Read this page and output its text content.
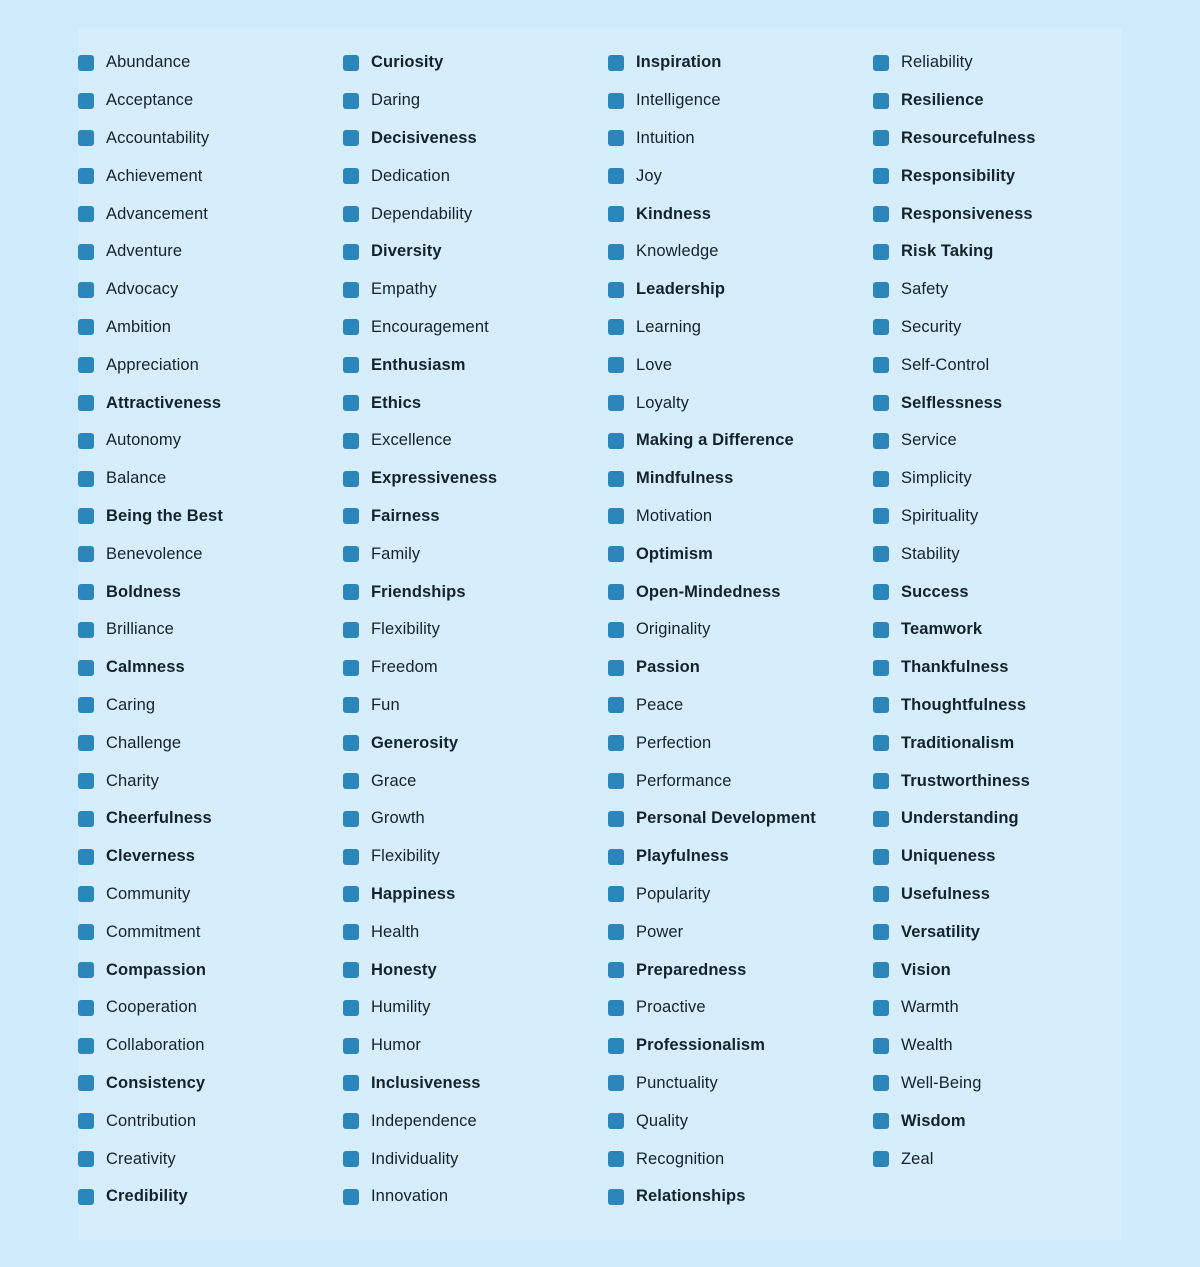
Abundance
Acceptance
Accountability
Achievement
Advancement
Adventure
Advocacy
Ambition
Appreciation
Attractiveness
Autonomy
Balance
Being the Best
Benevolence
Boldness
Brilliance
Calmness
Caring
Challenge
Charity
Cheerfulness
Cleverness
Community
Commitment
Compassion
Cooperation
Collaboration
Consistency
Contribution
Creativity
Credibility
Curiosity
Daring
Decisiveness
Dedication
Dependability
Diversity
Empathy
Encouragement
Enthusiasm
Ethics
Excellence
Expressiveness
Fairness
Family
Friendships
Flexibility
Freedom
Fun
Generosity
Grace
Growth
Flexibility
Happiness
Health
Honesty
Humility
Humor
Inclusiveness
Independence
Individuality
Innovation
Inspiration
Intelligence
Intuition
Joy
Kindness
Knowledge
Leadership
Learning
Love
Loyalty
Making a Difference
Mindfulness
Motivation
Optimism
Open-Mindedness
Originality
Passion
Peace
Perfection
Performance
Personal Development
Playfulness
Popularity
Power
Preparedness
Proactive
Professionalism
Punctuality
Quality
Recognition
Relationships
Reliability
Resilience
Resourcefulness
Responsibility
Responsiveness
Risk Taking
Safety
Security
Self-Control
Selflessness
Service
Simplicity
Spirituality
Stability
Success
Teamwork
Thankfulness
Thoughtfulness
Traditionalism
Trustworthiness
Understanding
Uniqueness
Usefulness
Versatility
Vision
Warmth
Wealth
Well-Being
Wisdom
Zeal
